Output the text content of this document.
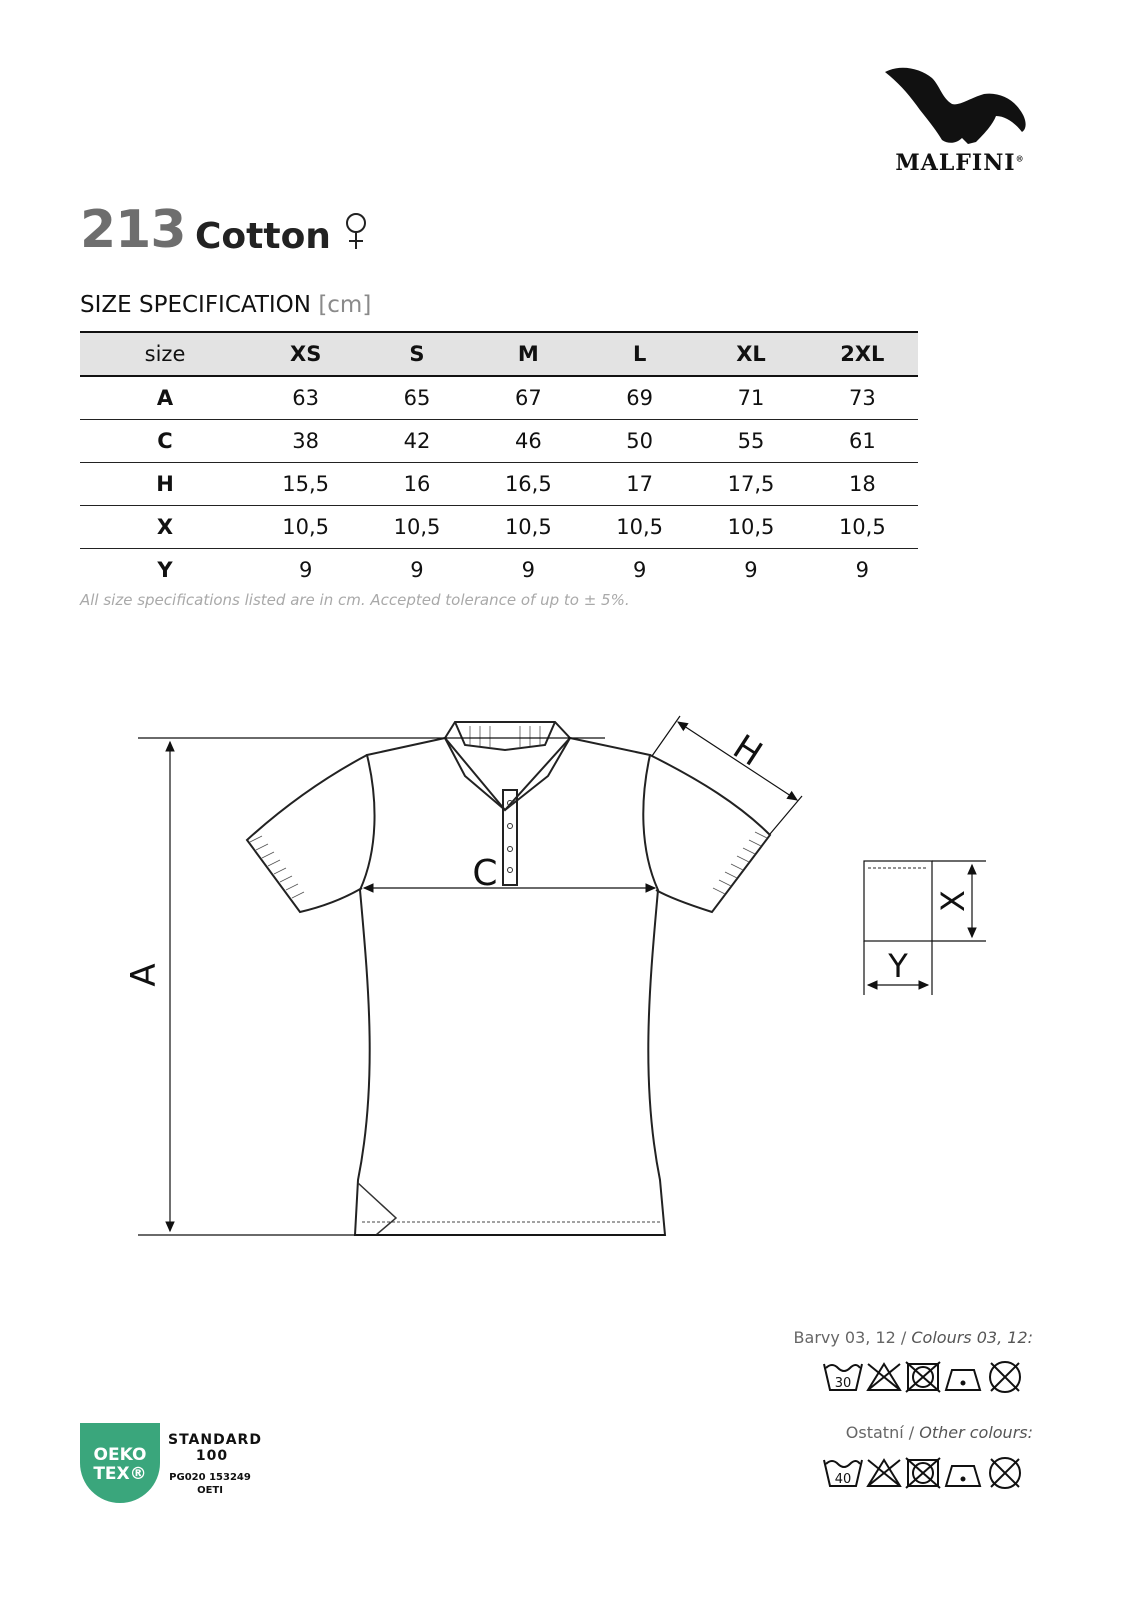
MALFINI®
213 Cotton
SIZE SPECIFICATION [cm]
size	XS	S	M	L	XL	2XL
A	63	65	67	69	71	73
C	38	42	46	50	55	61
H	15,5	16	16,5	17	17,5	18
X	10,5	10,5	10,5	10,5	10,5	10,5
Y	9	9	9	9	9	9
All size specifications listed are in cm. Accepted tolerance of up to ± 5%.
A
C
H
X
Y
Barvy 03, 12 / Colours 03, 12:
30
Ostatní / Other colours:
40
OEKO
TEX®
STANDARD
100
PG020 153249
OETI
